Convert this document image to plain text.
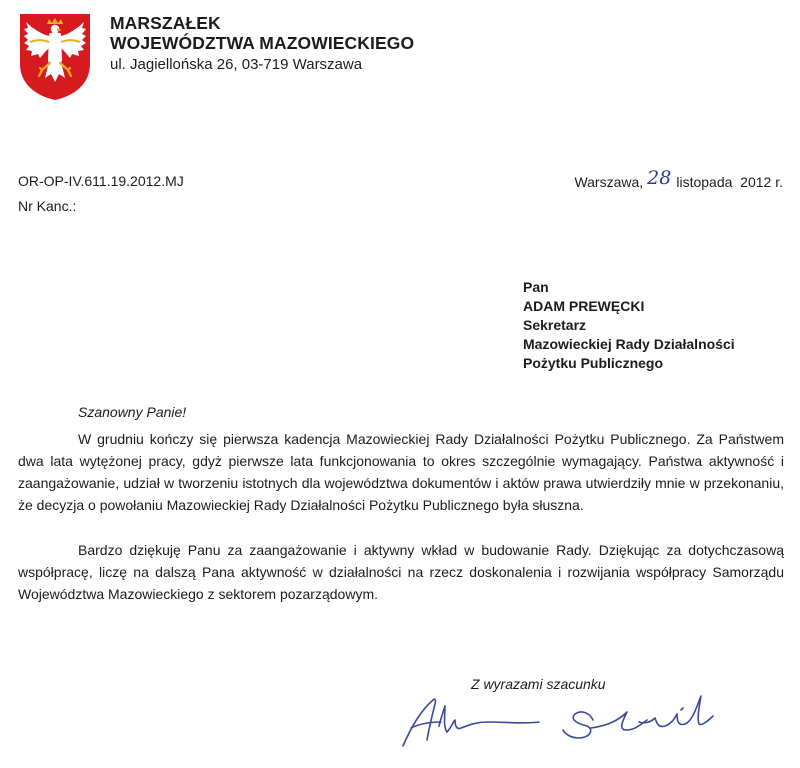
MARSZAŁEK
WOJEWÓDZTWA MAZOWIECKIEGO
ul. Jagiellońska 26, 03-719 Warszawa
OR-OP-IV.611.19.2012.MJ
Nr Kanc.:
Warszawa, 28 listopada  2012 r.
Pan
ADAM PREWĘCKI
Sekretarz
Mazowieckiej Rady Działalności
Pożytku Publicznego
Szanowny Panie!

W grudniu kończy się pierwsza kadencja Mazowieckiej Rady Działalności Pożytku Publicznego. Za Państwem dwa lata wytężonej pracy, gdyż pierwsze lata funkcjonowania to okres szczególnie wymagający. Państwa aktywność i zaangażowanie, udział w tworzeniu istotnych dla województwa dokumentów i aktów prawa utwierdziły mnie w przekonaniu, że decyzja o powołaniu Mazowieckiej Rady Działalności Pożytku Publicznego była słuszna.

Bardzo dziękuję Panu za zaangażowanie i aktywny wkład w budowanie Rady. Dziękując za dotychczasową współpracę, liczę na dalszą Pana aktywność w działalności na rzecz doskonalenia i rozwijania współpracy Samorządu Województwa Mazowieckiego z sektorem pozarządowym.

Z wyrazami szacunku
